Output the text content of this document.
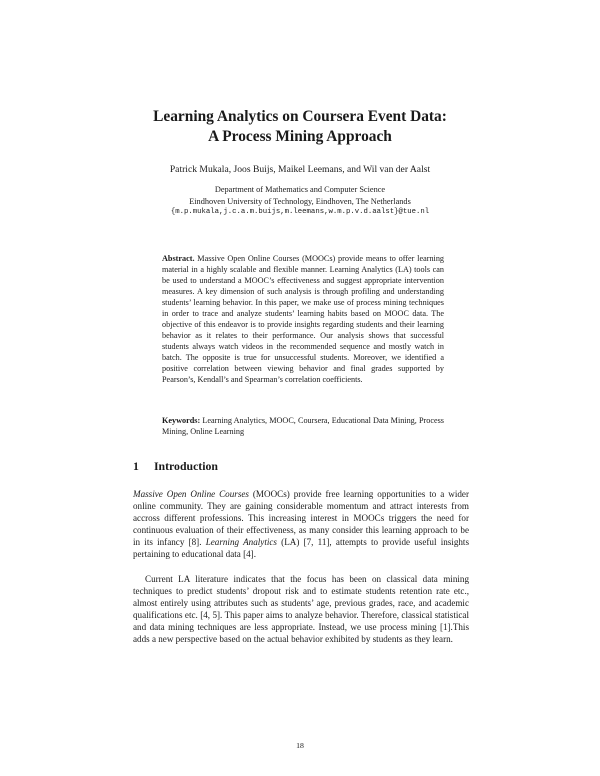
Learning Analytics on Coursera Event Data:
A Process Mining Approach
Patrick Mukala, Joos Buijs, Maikel Leemans, and Wil van der Aalst
Department of Mathematics and Computer Science
Eindhoven University of Technology, Eindhoven, The Netherlands
{m.p.mukala,j.c.a.m.buijs,m.leemans,w.m.p.v.d.aalst}@tue.nl
Abstract. Massive Open Online Courses (MOOCs) provide means to offer learning material in a highly scalable and flexible manner. Learning Analytics (LA) tools can be used to understand a MOOC’s effectiveness and suggest appropriate intervention measures. A key dimension of such analysis is through profiling and understanding students’ learning behavior. In this paper, we make use of process mining techniques in order to trace and analyze students’ learning habits based on MOOC data. The objective of this endeavor is to provide insights regarding students and their learning behavior as it relates to their performance. Our analysis shows that successful students always watch videos in the recommended sequence and mostly watch in batch. The opposite is true for unsuccessful students. Moreover, we identified a positive correlation between viewing behavior and final grades supported by Pearson’s, Kendall’s and Spearman’s correlation coefficients.
Keywords: Learning Analytics, MOOC, Coursera, Educational Data Mining, Process Mining, Online Learning
1 Introduction
Massive Open Online Courses (MOOCs) provide free learning opportunities to a wider online community. They are gaining considerable momentum and attract interests from accross different professions. This increasing interest in MOOCs triggers the need for continuous evaluation of their effectiveness, as many consider this learning approach to be in its infancy [8]. Learning Analytics (LA) [7, 11], attempts to provide useful insights pertaining to educational data [4].
Current LA literature indicates that the focus has been on classical data mining techniques to predict students’ dropout risk and to estimate students retention rate etc., almost entirely using attributes such as students’ age, previous grades, race, and academic qualifications etc. [4, 5]. This paper aims to analyze behavior. Therefore, classical statistical and data mining techniques are less appropriate. Instead, we use process mining [1].This adds a new perspective based on the actual behavior exhibited by students as they learn.
18
